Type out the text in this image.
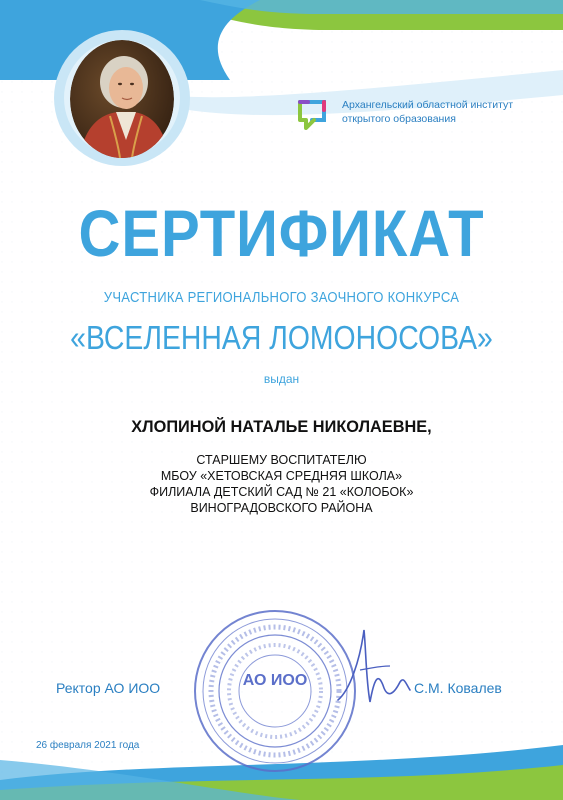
Архангельский областной институт
открытого образования
СЕРТИФИКАТ
УЧАСТНИКА РЕГИОНАЛЬНОГО ЗАОЧНОГО КОНКУРСА
«ВСЕЛЕННАЯ ЛОМОНОСОВА»
выдан
ХЛОПИНОЙ НАТАЛЬЕ НИКОЛАЕВНЕ,
СТАРШЕМУ ВОСПИТАТЕЛЮ
МБОУ «ХЕТОВСКАЯ СРЕДНЯЯ ШКОЛА»
ФИЛИАЛА ДЕТСКИЙ САД № 21 «КОЛОБОК»
ВИНОГРАДОВСКОГО РАЙОНА
АО ИОО
Ректор АО ИОО	С.М. Ковалев
26 февраля 2021 года
